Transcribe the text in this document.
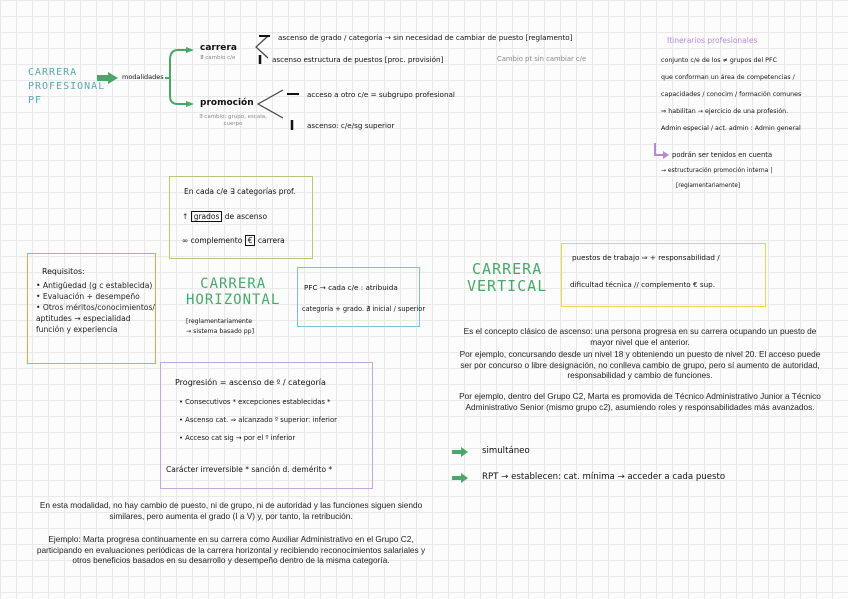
CARRERA
PROFESIONAL
PF
modalidades
carrera
∄ cambio c/e
ascenso de grado / categoría → sin necesidad de cambiar de puesto [reglamento]
ascenso estructura de puestos [proc. provisión]	Cambio pt sin cambiar c/e
promoción
∃ cambio: grupo, escala, cuerpo
acceso a otro c/e = subgrupo profesional
ascenso: c/e/sg superior
Itinerarios profesionales
conjunto c/e de los ≠ grupos del PFC
que conforman un área de competencias /
capacidades / conocim / formación comunes
⇒ habilitan → ejercicio de una profesión.
Admin especial / act. admin : Admin general
podrán ser tenidos en cuenta
→ estructuración promoción interna |
[reglamentariamente]
En cada c/e ∃ categorías prof.
↑ grados de ascenso
∞ complemento € carrera
Requisitos:
• Antigüedad (g c establecida)
• Evaluación + desempeño
• Otros méritos/conocimientos/ aptitudes → especialidad función y experiencia
CARRERA
HORIZONTAL
[reglamentariamente
→ sistema basado pp]
PFC → cada c/e : atribuida
categoría + grado. ∄ inicial / superior
Progresión = ascenso de º / categoría
• Consecutivos * excepciones establecidas *
• Ascenso cat. ⇒ alcanzado º superior: inferior
• Acceso cat sig → por el º inferior
Carácter irreversible * sanción d. demérito *
En esta modalidad, no hay cambio de puesto, ni de grupo, ni de autoridad y las funciones siguen siendo similares, pero aumenta el grado (I a V) y, por tanto, la retribución.
Ejemplo: Marta progresa continuamente en su carrera como Auxiliar Administrativo en el Grupo C2, participando en evaluaciones periódicas de la carrera horizontal y recibiendo reconocimientos salariales y otros beneficios basados en su desarrollo y desempeño dentro de la misma categoría.
CARRERA
VERTICAL
puestos de trabajo ⇒ + responsabilidad /
dificultad técnica // complemento € sup.
Es el concepto clásico de ascenso: una persona progresa en su carrera ocupando un puesto de mayor nivel que el anterior.
Por ejemplo, concursando desde un nivel 18 y obteniendo un puesto de nivel 20. El acceso puede ser por concurso o libre designación, no conlleva cambio de grupo, pero sí aumento de autoridad, responsabilidad y cambio de funciones.
Por ejemplo, dentro del Grupo C2, Marta es promovida de Técnico Administrativo Junior a Técnico Administrativo Senior (mismo grupo c2), asumiendo roles y responsabilidades más avanzados.
simultáneo
RPT → establecen: cat. mínima → acceder a cada puesto
